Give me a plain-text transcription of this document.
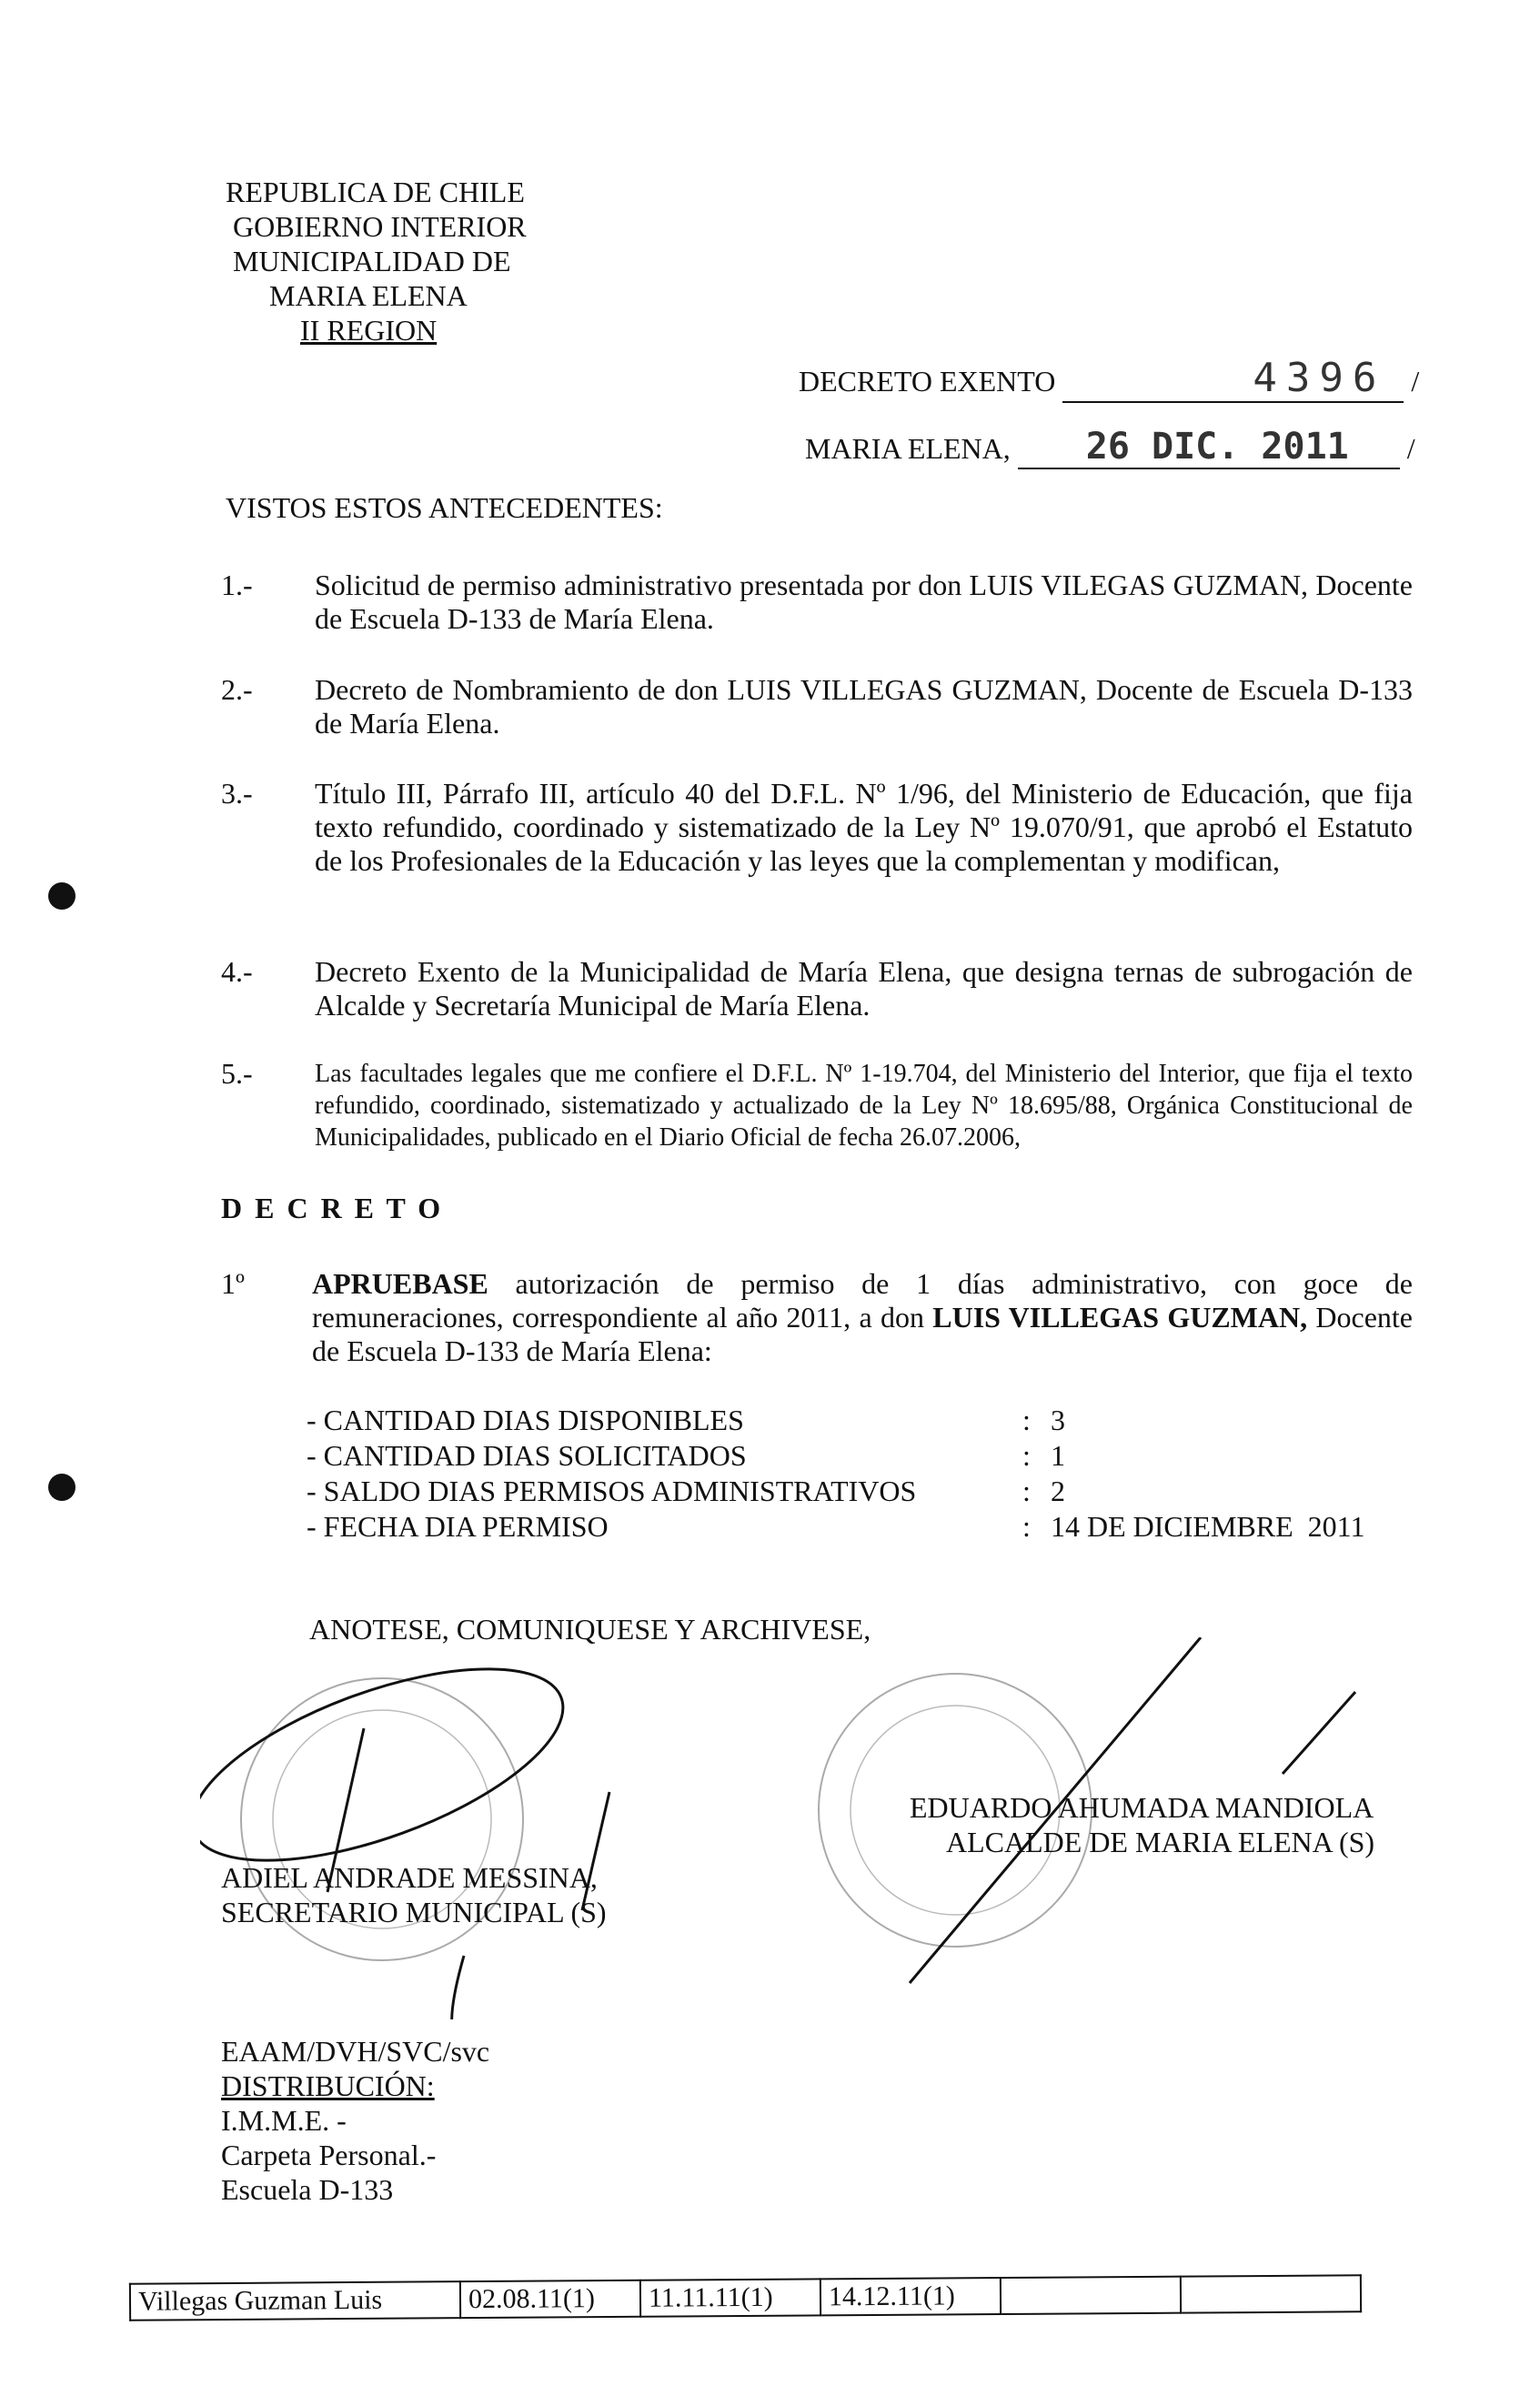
REPUBLICA DE CHILE
GOBIERNO INTERIOR
MUNICIPALIDAD DE
MARIA ELENA
II REGION
DECRETO EXENTO	4396 /
MARIA ELENA, 26 DIC. 2011 /
VISTOS ESTOS ANTECEDENTES:
1.- Solicitud de permiso administrativo presentada por don LUIS VILEGAS GUZMAN, Docente de Escuela D-133 de María Elena.
2.- Decreto de Nombramiento de don LUIS VILLEGAS GUZMAN, Docente de Escuela D-133 de María Elena.
3.- Título III, Párrafo III, artículo 40 del D.F.L. Nº 1/96, del Ministerio de Educación, que fija texto refundido, coordinado y sistematizado de la Ley Nº 19.070/91, que aprobó el Estatuto de los Profesionales de la Educación y las leyes que la complementan y modifican,
4.- Decreto Exento de la Municipalidad de María Elena, que designa ternas de subrogación de Alcalde y Secretaría Municipal de María Elena.
5.- Las facultades legales que me confiere el D.F.L. Nº 1-19.704, del Ministerio del Interior, que fija el texto refundido, coordinado, sistematizado y actualizado de la Ley Nº 18.695/88, Orgánica Constitucional de Municipalidades, publicado en el Diario Oficial de fecha 26.07.2006,
D E C R E T O
1º APRUEBASE autorización de permiso de 1 días administrativo, con goce de remuneraciones, correspondiente al año 2011, a don LUIS VILLEGAS GUZMAN, Docente de Escuela D-133 de María Elena:
- CANTIDAD DIAS DISPONIBLES	: 3
- CANTIDAD DIAS SOLICITADOS	: 1
- SALDO DIAS PERMISOS ADMINISTRATIVOS	: 2
- FECHA DIA PERMISO	: 14 DE DICIEMBRE  2011
ANOTESE, COMUNIQUESE Y ARCHIVESE,
ADIEL ANDRADE MESSINA,
SECRETARIO MUNICIPAL (S)
EDUARDO AHUMADA MANDIOLA
ALCALDE DE MARIA ELENA (S)
EAAM/DVH/SVC/svc
DISTRIBUCIÓN:
I.M.M.E. -
Carpeta Personal.-
Escuela D-133
Villegas Guzman Luis	02.08.11(1)	11.11.11(1)	14.12.11(1)		
